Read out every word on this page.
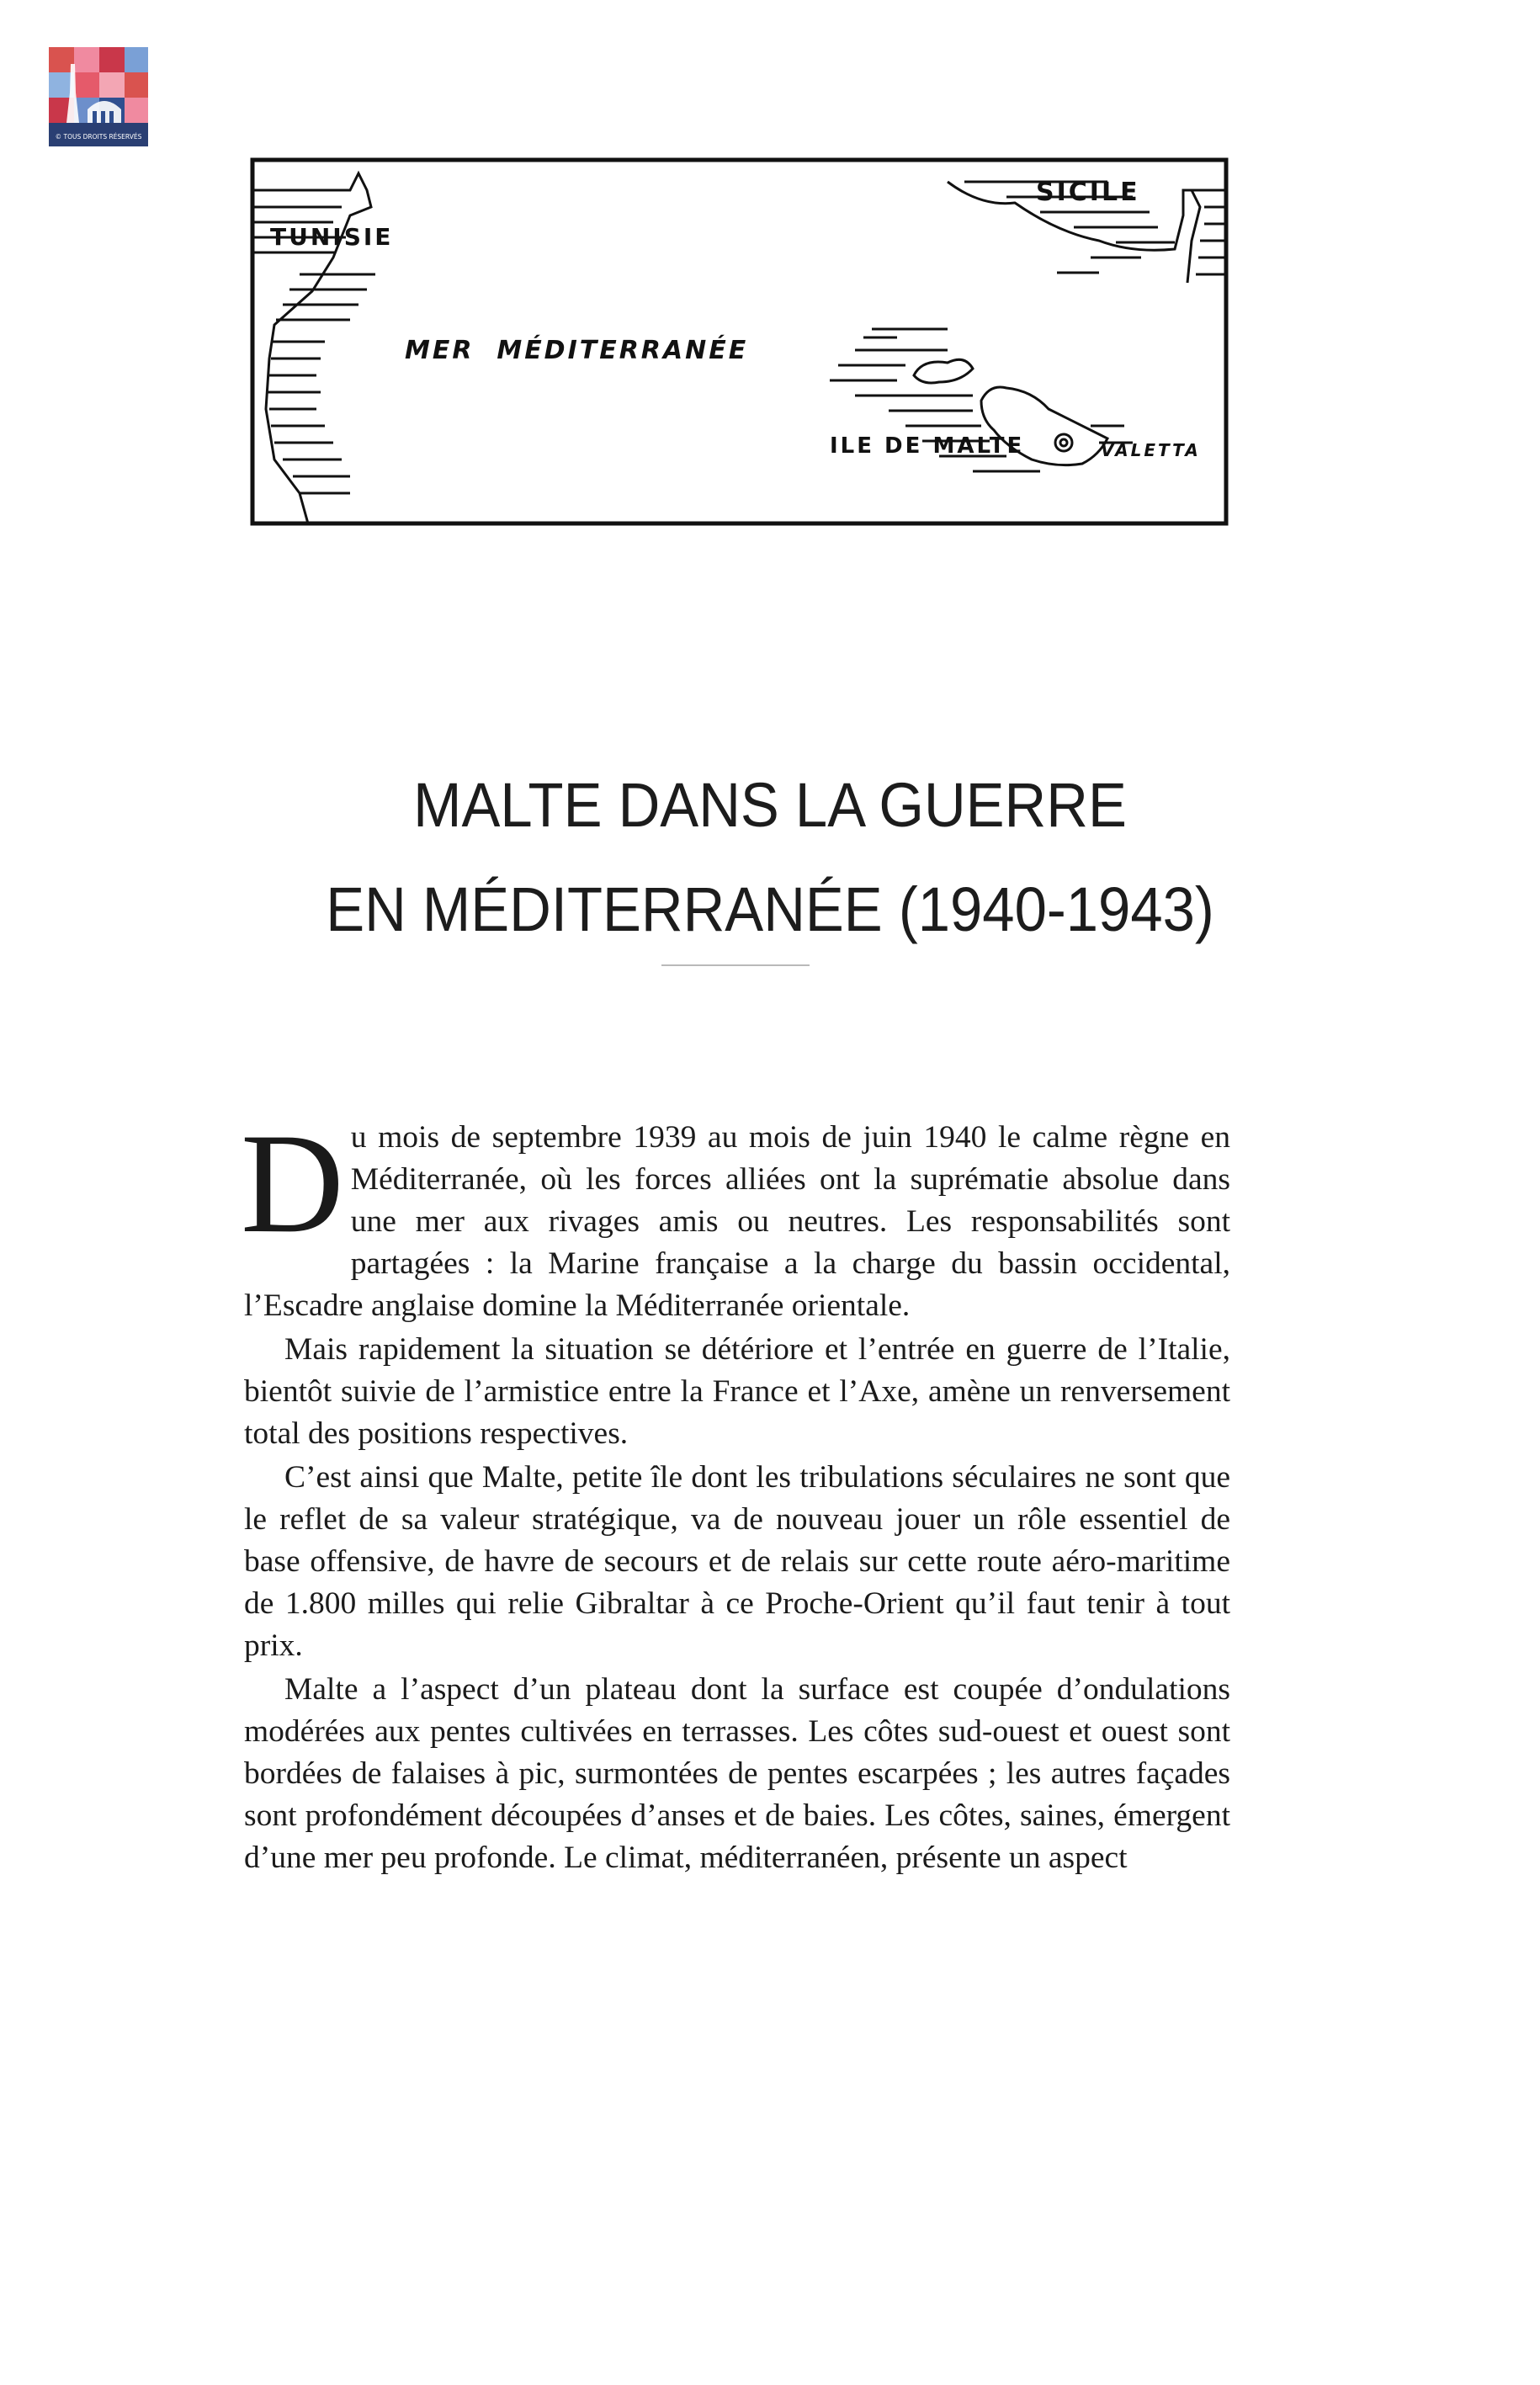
© TOUS DROITS RÉSERVÉS
TUNISIE
SICILE
MER  MÉDITERRANÉE
ILE DE MALTE	VALETTA
MALTE DANS LA GUERRE
EN MÉDITERRANÉE (1940-1943)

Du mois de septembre 1939 au mois de juin 1940 le calme règne en Méditerranée, où les forces alliées ont la suprématie absolue dans une mer aux rivages amis ou neutres. Les responsabilités sont partagées : la Marine française a la charge du bassin occidental, l’Escadre anglaise domine la Méditerranée orientale.

Mais rapidement la situation se détériore et l’entrée en guerre de l’Italie, bientôt suivie de l’armistice entre la France et l’Axe, amène un renversement total des positions respectives.

C’est ainsi que Malte, petite île dont les tribulations séculaires ne sont que le reflet de sa valeur stratégique, va de nouveau jouer un rôle essentiel de base offensive, de havre de secours et de relais sur cette route aéro-maritime de 1.800 milles qui relie Gibraltar à ce Proche-Orient qu’il faut tenir à tout prix.

Malte a l’aspect d’un plateau dont la surface est coupée d’ondulations modérées aux pentes cultivées en terrasses. Les côtes sud-ouest et ouest sont bordées de falaises à pic, surmontées de pentes escarpées ; les autres façades sont profondément découpées d’anses et de baies. Les côtes, saines, émergent d’une mer peu profonde. Le climat, méditerranéen, présente un aspect
